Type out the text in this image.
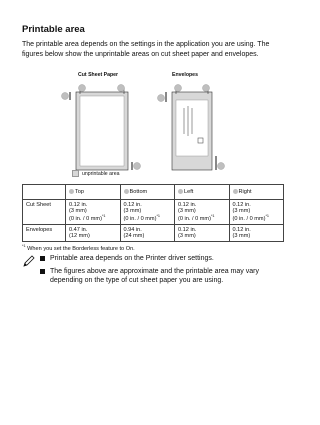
Printable area
The printable area depends on the settings in the application you are using. The figures below show the unprintable areas on cut sheet paper and envelopes.
Cut Sheet Paper	Envelopes
unprintable area
	Top	Bottom	Left	Right
Cut Sheet	0.12 in.
(3 mm)
(0 in. / 0 mm)$^{*1}$	0.12 in.
(3 mm)
(0 in. / 0 mm)$^{*1}$	0.12 in.
(3 mm)
(0 in. / 0 mm)$^{*1}$	0.12 in.
(3 mm)
(0 in. / 0 mm)$^{*1}$
Envelopes	0.47 in.
(12 mm)	0.94 in.
(24 mm)	0.12 in.
(3 mm)	0.12 in.
(3 mm)
$^{*1}$ When you set the Borderless feature to On.
Printable area depends on the Printer driver settings.
The figures above are approximate and the printable area may vary depending on the type of cut sheet paper you are using.
